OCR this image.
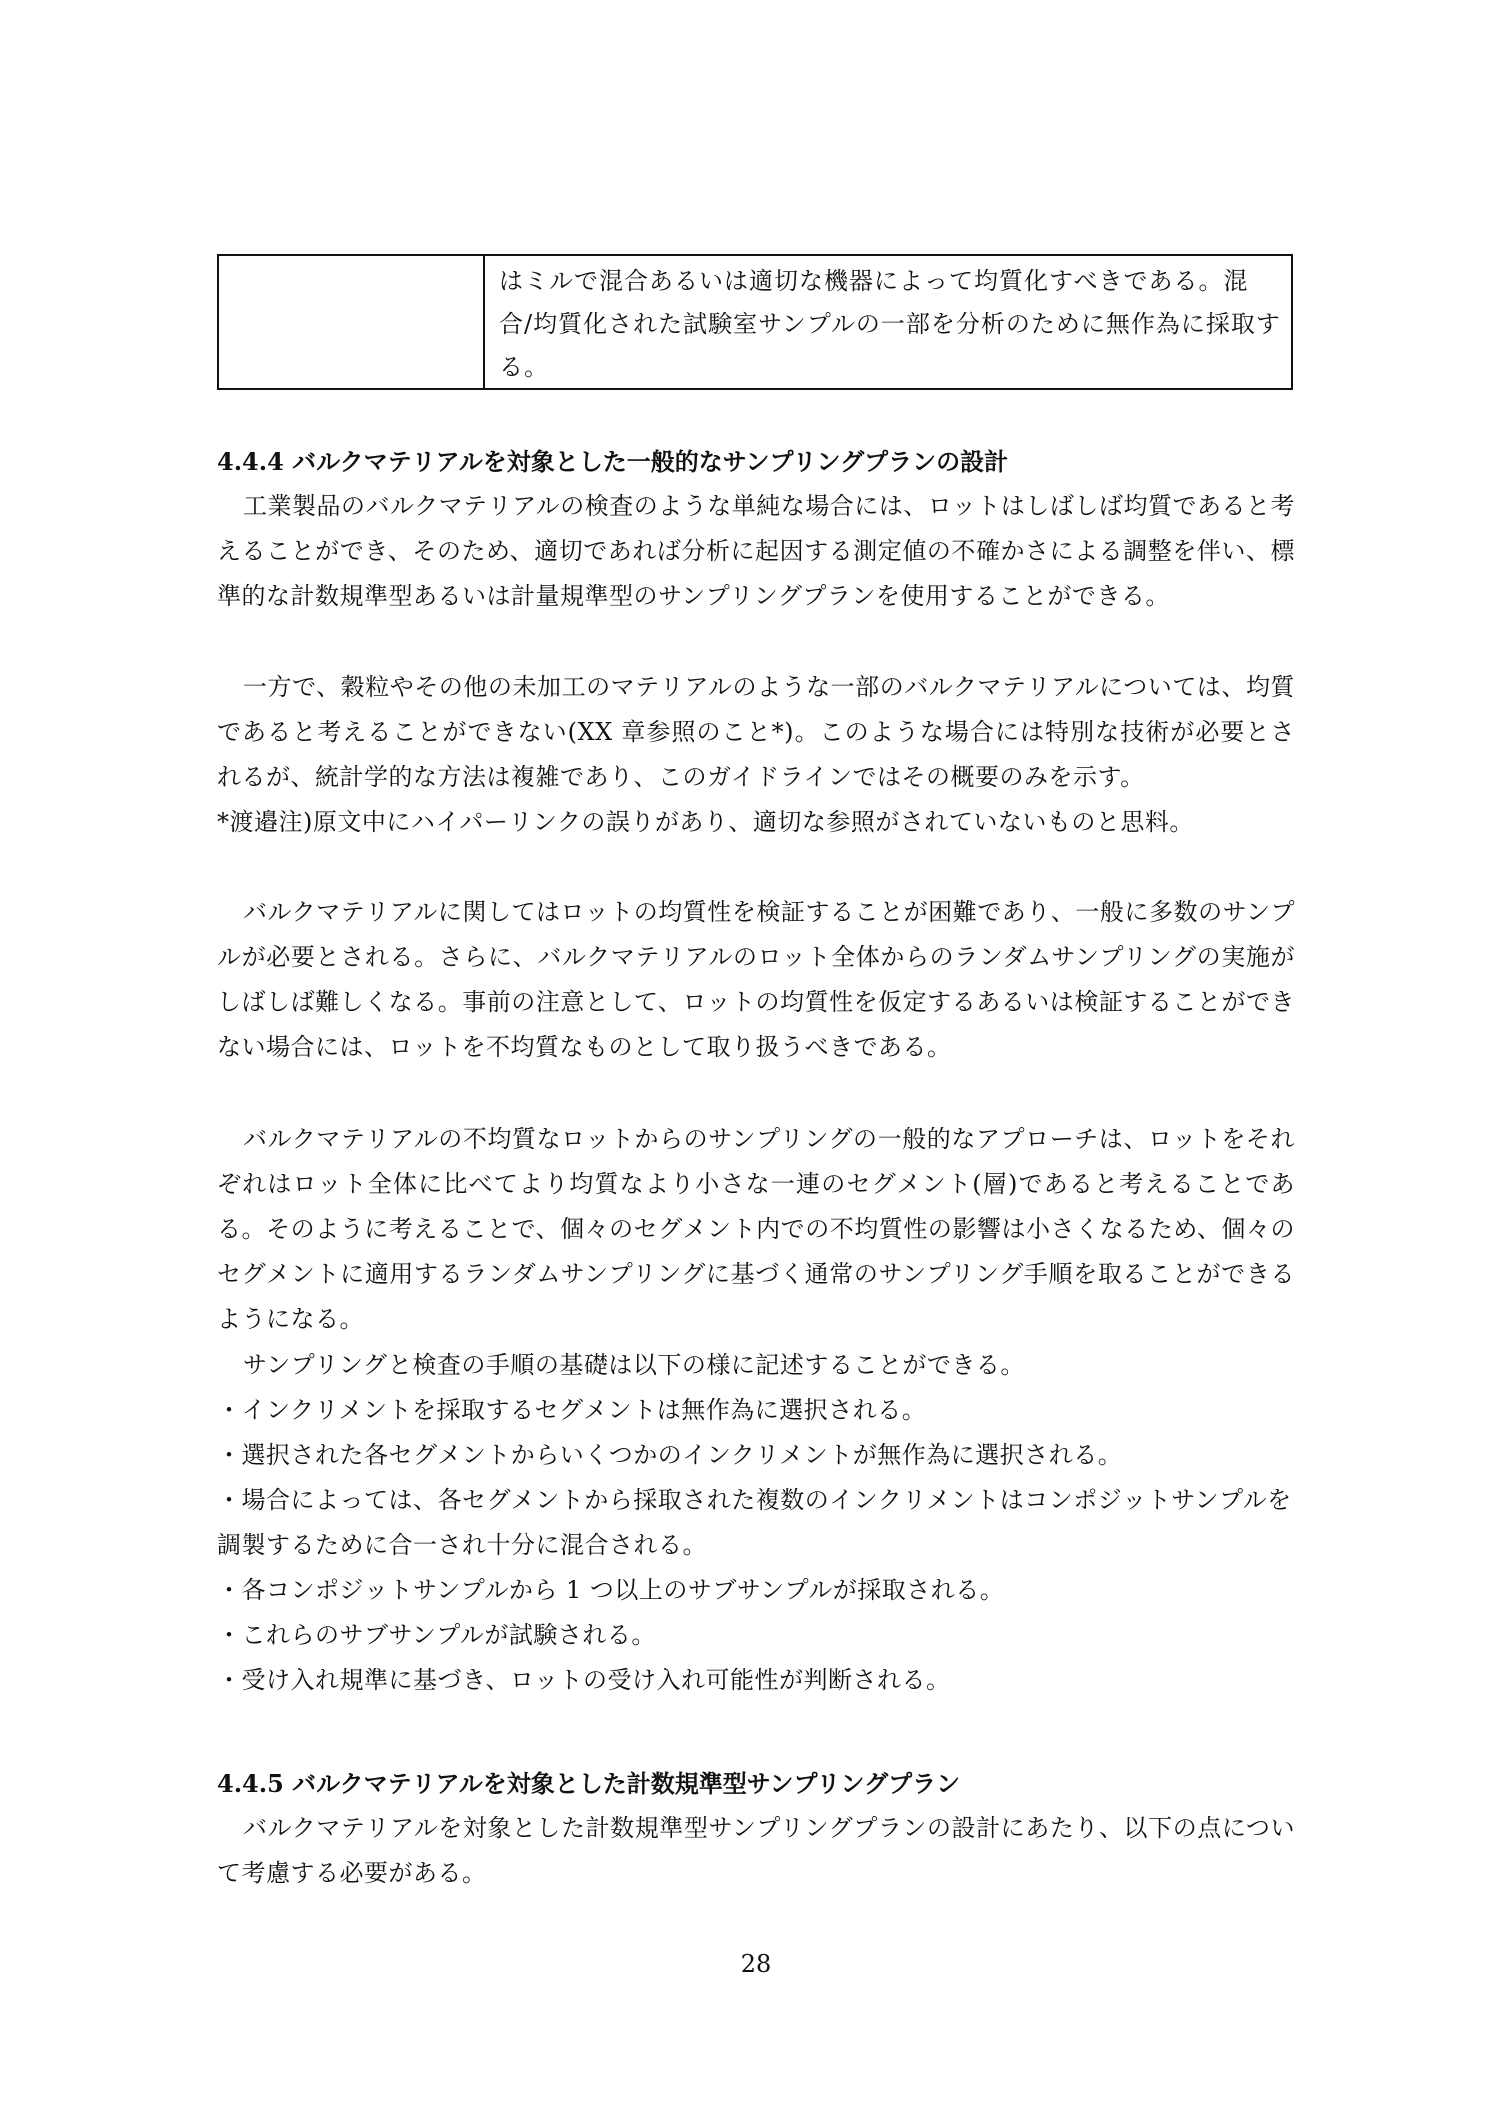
はミルで混合あるいは適切な機器によって均質化すべきである。混合/均質化された試験室サンプルの一部を分析のために無作為に採取する。
4.4.4 バルクマテリアルを対象とした一般的なサンプリングプランの設計

工業製品のバルクマテリアルの検査のような単純な場合には、ロットはしばしば均質であると考えることができ、そのため、適切であれば分析に起因する測定値の不確かさによる調整を伴い、標準的な計数規準型あるいは計量規準型のサンプリングプランを使用することができる。

一方で、穀粒やその他の未加工のマテリアルのような一部のバルクマテリアルについては、均質であると考えることができない(XX 章参照のこと*)。このような場合には特別な技術が必要とされるが、統計学的な方法は複雑であり、このガイドラインではその概要のみを示す。

*渡邉注)原文中にハイパーリンクの誤りがあり、適切な参照がされていないものと思料。

バルクマテリアルに関してはロットの均質性を検証することが困難であり、一般に多数のサンプルが必要とされる。さらに、バルクマテリアルのロット全体からのランダムサンプリングの実施がしばしば難しくなる。事前の注意として、ロットの均質性を仮定するあるいは検証することができない場合には、ロットを不均質なものとして取り扱うべきである。

バルクマテリアルの不均質なロットからのサンプリングの一般的なアプローチは、ロットをそれぞれはロット全体に比べてより均質なより小さな一連のセグメント(層)であると考えることである。そのように考えることで、個々のセグメント内での不均質性の影響は小さくなるため、個々のセグメントに適用するランダムサンプリングに基づく通常のサンプリング手順を取ることができるようになる。

サンプリングと検査の手順の基礎は以下の様に記述することができる。

・インクリメントを採取するセグメントは無作為に選択される。
・選択された各セグメントからいくつかのインクリメントが無作為に選択される。
・場合によっては、各セグメントから採取された複数のインクリメントはコンポジットサンプルを調製するために合一され十分に混合される。
・各コンポジットサンプルから 1 つ以上のサブサンプルが採取される。
・これらのサブサンプルが試験される。
・受け入れ規準に基づき、ロットの受け入れ可能性が判断される。
4.4.5 バルクマテリアルを対象とした計数規準型サンプリングプラン

バルクマテリアルを対象とした計数規準型サンプリングプランの設計にあたり、以下の点について考慮する必要がある。

28
